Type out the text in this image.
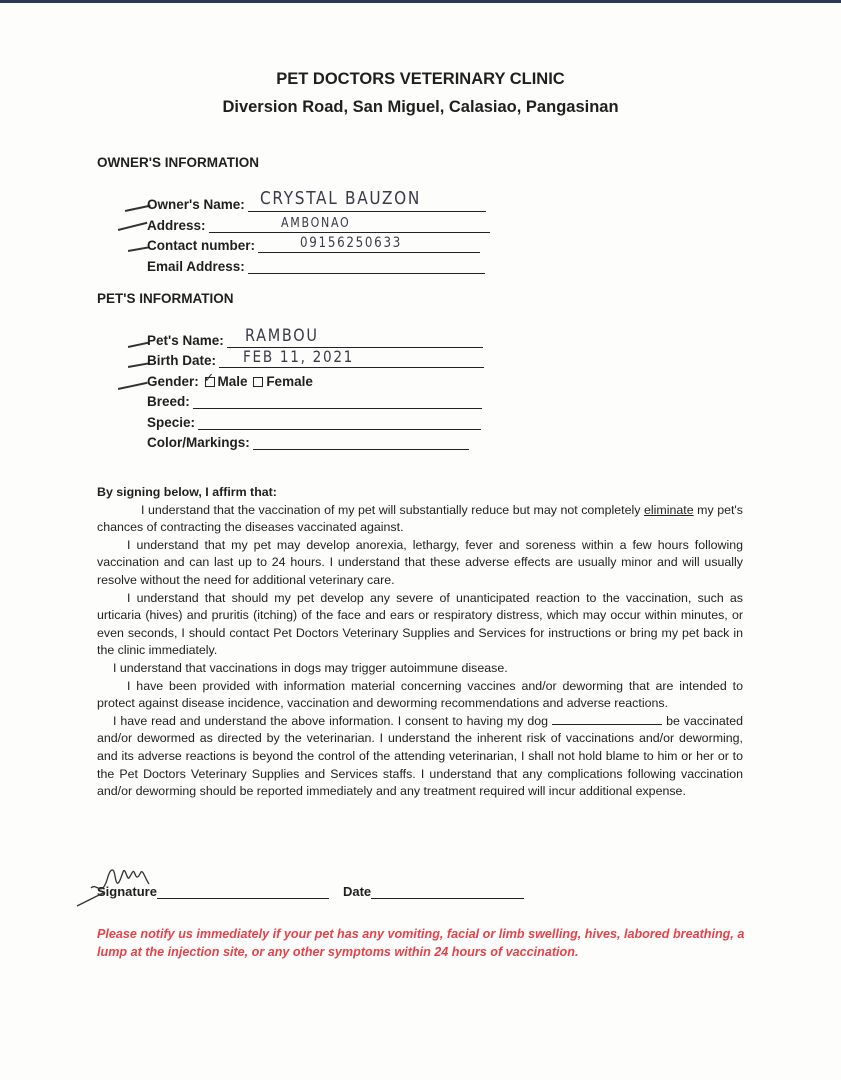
PET DOCTORS VETERINARY CLINIC
Diversion Road, San Miguel, Calasiao, Pangasinan
OWNER'S INFORMATION
Owner's Name: CRYSTAL BAUZON
Address:	AMBONAO
Contact number:	09156250633
Email Address:
PET'S INFORMATION
Pet's Name: RAMBOU
Birth Date: FEB 11, 2021
Gender: ✓ Male Female
Breed:
Specie:
Color/Markings:

By signing below, I affirm that:

I understand that the vaccination of my pet will substantially reduce but may not completely eliminate my pet's chances of contracting the diseases vaccinated against.

I understand that my pet may develop anorexia, lethargy, fever and soreness within a few hours following vaccination and can last up to 24 hours. I understand that these adverse effects are usually minor and will usually resolve without the need for additional veterinary care.

I understand that should my pet develop any severe of unanticipated reaction to the vaccination, such as urticaria (hives) and pruritis (itching) of the face and ears or respiratory distress, which may occur within minutes, or even seconds, I should contact Pet Doctors Veterinary Supplies and Services for instructions or bring my pet back in the clinic immediately.

I understand that vaccinations in dogs may trigger autoimmune disease.

I have been provided with information material concerning vaccines and/or deworming that are intended to protect against disease incidence, vaccination and deworming recommendations and adverse reactions.

I have read and understand the above information. I consent to having my dog	be vaccinated and/or dewormed as directed by the veterinarian. I understand the inherent risk of vaccinations and/or deworming, and its adverse reactions is beyond the control of the attending veterinarian, I shall not hold blame to him or her or to the Pet Doctors Veterinary Supplies and Services staffs. I understand that any complications following vaccination and/or deworming should be reported immediately and any treatment required will incur additional expense.

Signature	Date
Please notify us immediately if your pet has any vomiting, facial or limb swelling, hives, labored breathing, a lump at the injection site, or any other symptoms within 24 hours of vaccination.
